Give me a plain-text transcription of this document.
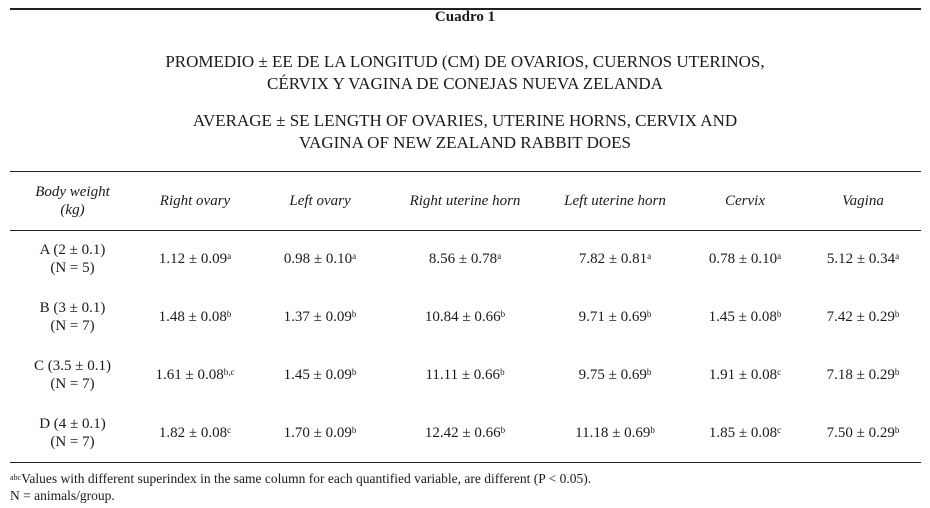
Cuadro 1
PROMEDIO ± EE DE LA LONGITUD (CM) DE OVARIOS, CUERNOS UTERINOS,
CÉRVIX Y VAGINA DE CONEJAS NUEVA ZELANDA
AVERAGE ± SE LENGTH OF OVARIES, UTERINE HORNS, CERVIX AND
VAGINA OF NEW ZEALAND RABBIT DOES
Body weight
(kg)	Right ovary	Left ovary	Right uterine horn	Left uterine horn	Cervix	Vagina

A (2 ± 0.1)
(N = 5)	1.12 ± 0.09$^a$	0.98 ± 0.10$^a$	8.56 ± 0.78$^a$	7.82 ± 0.81$^a$	0.78 ± 0.10$^a$	5.12 ± 0.34$^a$

B (3 ± 0.1)
(N = 7)	1.48 ± 0.08$^b$	1.37 ± 0.09$^b$	10.84 ± 0.66$^b$	9.71 ± 0.69$^b$	1.45 ± 0.08$^b$	7.42 ± 0.29$^b$

C (3.5 ± 0.1)
(N = 7)	$1.61 \pm 0.08^{b,c}$	1.45 ± 0.09$^b$	11.11 ± 0.66$^b$	9.75 ± 0.69$^b$	1.91 ± 0.08$^c$	7.18 ± 0.29$^b$

D (4 ± 0.1)
(N = 7)	1.82 ± 0.08$^c$	1.70 ± 0.09$^b$	12.42 ± 0.66$^b$	11.18 ± 0.69$^b$	1.85 ± 0.08$^c$	7.50 ± 0.29$^b$
$^{abc}$Values with different superindex in the same column for each quantified variable, are different (P < 0.05).
N = animals/group.
